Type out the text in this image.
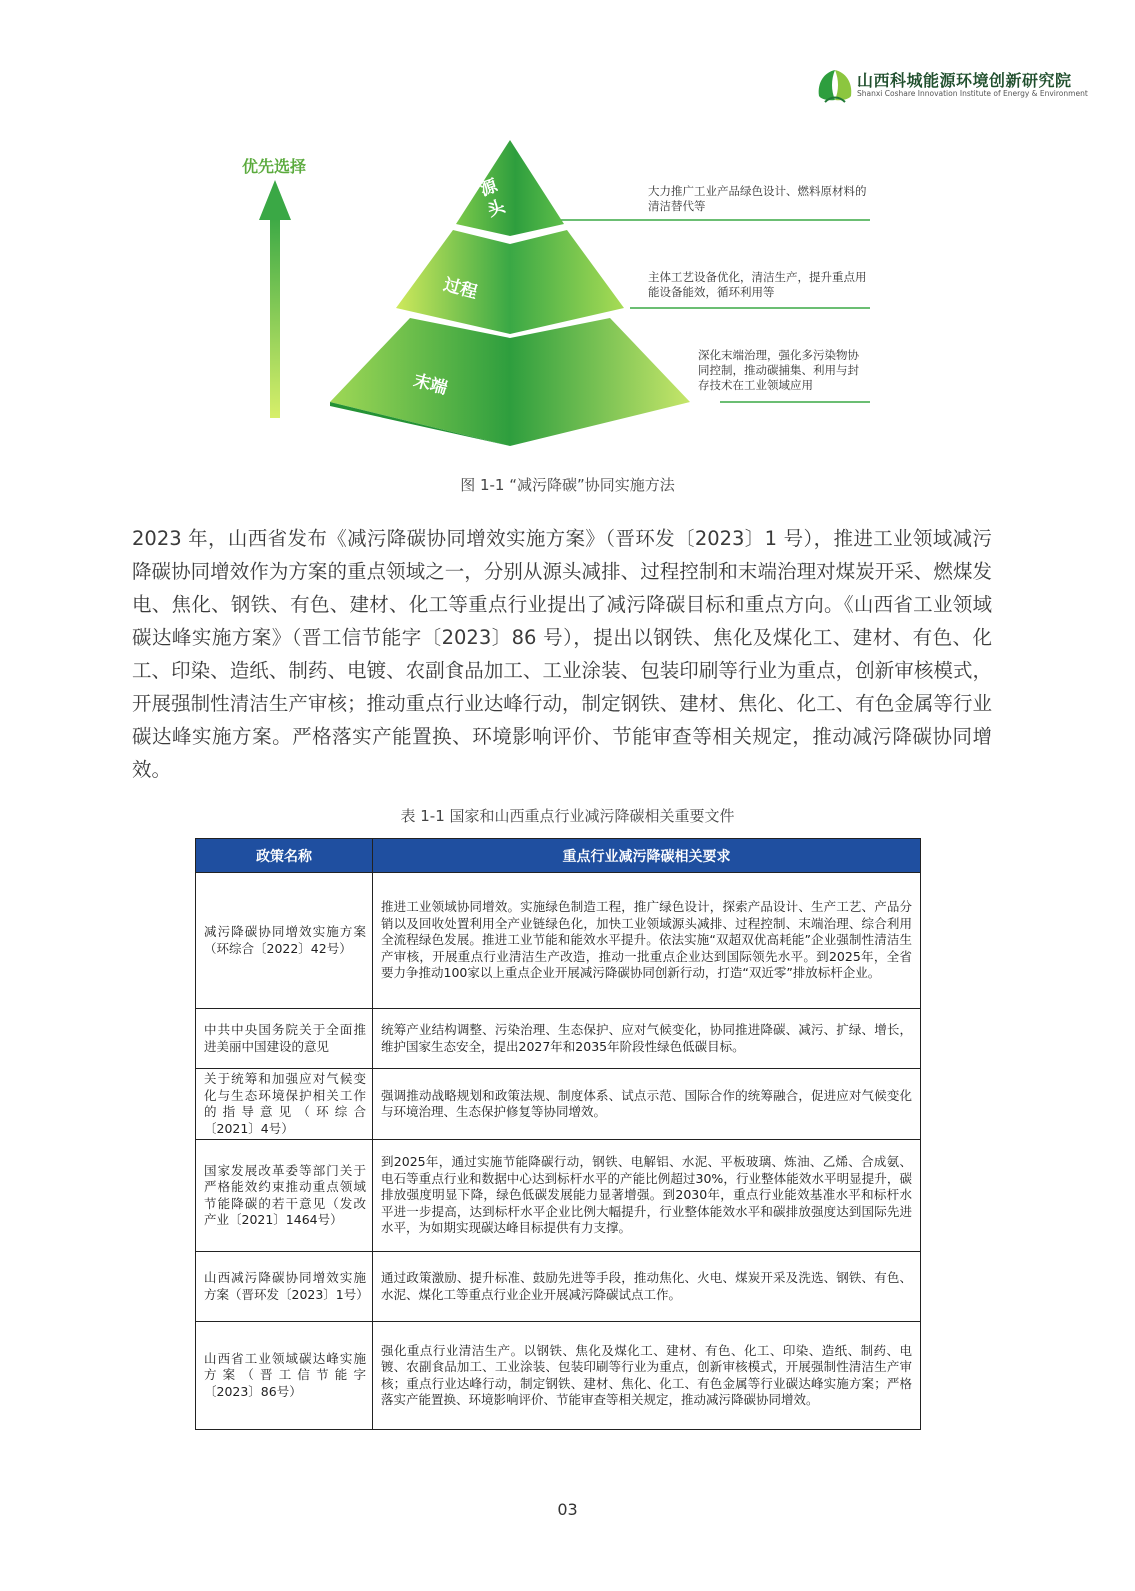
山西科城能源环境创新研究院
Shanxi Coshare Innovation Institute of Energy & Environment
优先选择
源头
过程
末端
大力推广工业产品绿色设计、燃料原材料的清洁替代等
主体工艺设备优化，清洁生产，提升重点用能设备能效，循环利用等
深化末端治理，强化多污染物协同控制，推动碳捕集、利用与封存技术在工业领域应用
图 1-1 “减污降碳”协同实施方法
2023 年，山西省发布《减污降碳协同增效实施方案》（晋环发〔2023〕1 号），推进工业领域减污降碳协同增效作为方案的重点领域之一，分别从源头减排、过程控制和末端治理对煤炭开采、燃煤发电、焦化、钢铁、有色、建材、化工等重点行业提出了减污降碳目标和重点方向。《山西省工业领域碳达峰实施方案》（晋工信节能字〔2023〕86 号），提出以钢铁、焦化及煤化工、建材、有色、化工、印染、造纸、制药、电镀、农副食品加工、工业涂装、包装印刷等行业为重点，创新审核模式，开展强制性清洁生产审核；推动重点行业达峰行动，制定钢铁、建材、焦化、化工、有色金属等行业碳达峰实施方案。严格落实产能置换、环境影响评价、节能审查等相关规定，推动减污降碳协同增效。
表 1-1 国家和山西重点行业减污降碳相关重要文件
政策名称	重点行业减污降碳相关要求
减污降碳协同增效实施方案（环综合〔2022〕42号）	推进工业领域协同增效。实施绿色制造工程，推广绿色设计，探索产品设计、生产工艺、产品分销以及回收处置利用全产业链绿色化，加快工业领域源头减排、过程控制、末端治理、综合利用全流程绿色发展。推进工业节能和能效水平提升。依法实施“双超双优高耗能”企业强制性清洁生产审核，开展重点行业清洁生产改造，推动一批重点企业达到国际领先水平。到2025年，全省要力争推动100家以上重点企业开展减污降碳协同创新行动，打造“双近零”排放标杆企业。
中共中央国务院关于全面推进美丽中国建设的意见	统筹产业结构调整、污染治理、生态保护、应对气候变化，协同推进降碳、减污、扩绿、增长，维护国家生态安全，提出2027年和2035年阶段性绿色低碳目标。
关于统筹和加强应对气候变化与生态环境保护相关工作的指导意见（环综合〔2021〕4号）	强调推动战略规划和政策法规、制度体系、试点示范、国际合作的统筹融合，促进应对气候变化与环境治理、生态保护修复等协同增效。
国家发展改革委等部门关于严格能效约束推动重点领域节能降碳的若干意见（发改产业〔2021〕1464号）	到2025年，通过实施节能降碳行动，钢铁、电解铝、水泥、平板玻璃、炼油、乙烯、合成氨、电石等重点行业和数据中心达到标杆水平的产能比例超过30%，行业整体能效水平明显提升，碳排放强度明显下降，绿色低碳发展能力显著增强。到2030年，重点行业能效基准水平和标杆水平进一步提高，达到标杆水平企业比例大幅提升，行业整体能效水平和碳排放强度达到国际先进水平，为如期实现碳达峰目标提供有力支撑。
山西减污降碳协同增效实施方案（晋环发〔2023〕1号）	通过政策激励、提升标准、鼓励先进等手段，推动焦化、火电、煤炭开采及洗选、钢铁、有色、水泥、煤化工等重点行业企业开展减污降碳试点工作。
山西省工业领域碳达峰实施方案（晋工信节能字〔2023〕86号）	强化重点行业清洁生产。以钢铁、焦化及煤化工、建材、有色、化工、印染、造纸、制药、电镀、农副食品加工、工业涂装、包装印刷等行业为重点，创新审核模式，开展强制性清洁生产审核；重点行业达峰行动，制定钢铁、建材、焦化、化工、有色金属等行业碳达峰实施方案；严格落实产能置换、环境影响评价、节能审查等相关规定，推动减污降碳协同增效。
03
